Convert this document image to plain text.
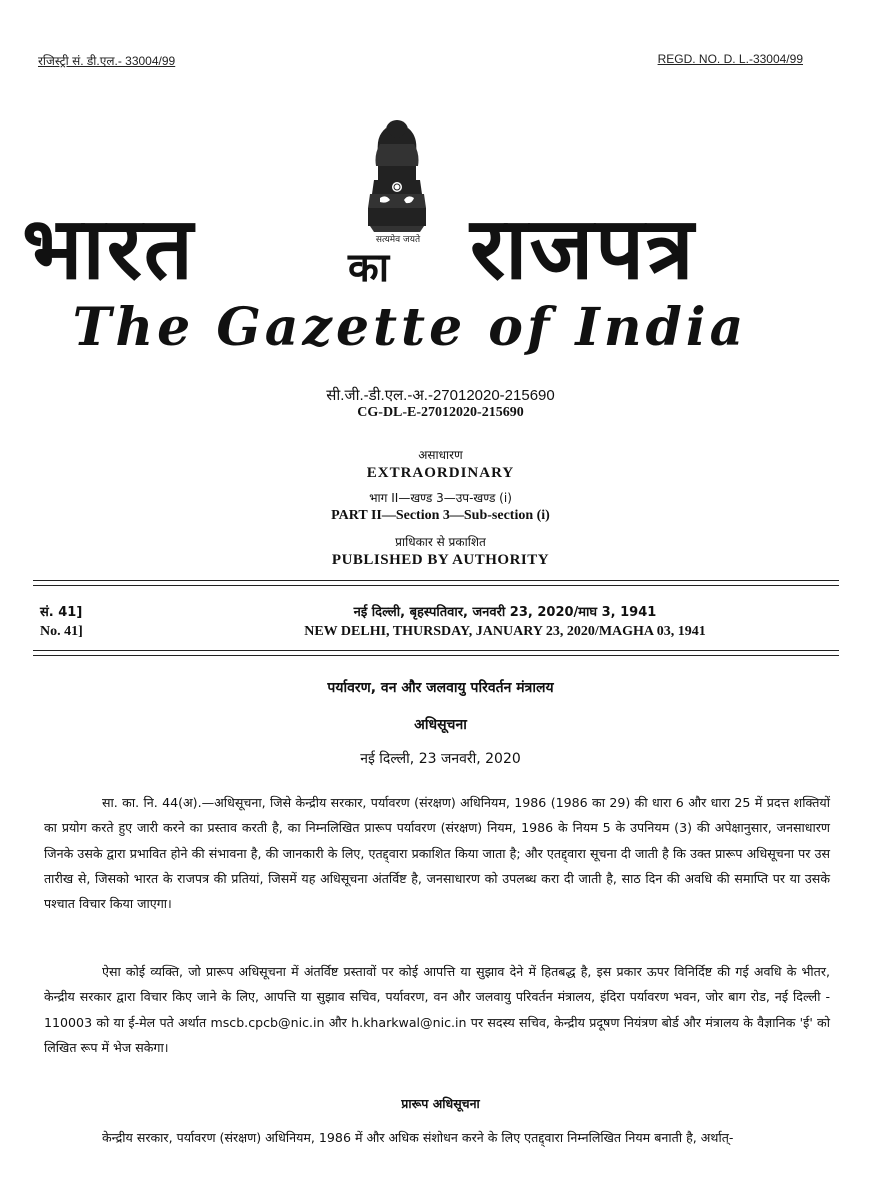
रजिस्ट्री सं. डी.एल.- 33004/99	REGD. NO. D. L.-33004/99
सत्यमेव जयते
भारत	का राजपत्र
The Gazette of India
सी.जी.-डी.एल.-अ.-27012020-215690
CG-DL-E-27012020-215690
असाधारण
EXTRAORDINARY
भाग II—खण्ड 3—उप-खण्ड (i)
PART II—Section 3—Sub-section (i)
प्राधिकार से प्रकाशित
PUBLISHED BY AUTHORITY
सं. 41]
No. 41]
नई दिल्ली, बृहस्पतिवार, जनवरी 23, 2020/माघ 3, 1941
NEW DELHI, THURSDAY, JANUARY 23, 2020/MAGHA 03, 1941
पर्यावरण, वन और जलवायु परिवर्तन मंत्रालय
अधिसूचना
नई दिल्ली, 23 जनवरी, 2020

सा. का. नि. 44(अ).—अधिसूचना, जिसे केन्द्रीय सरकार, पर्यावरण (संरक्षण) अधिनियम, 1986 (1986 का 29) की धारा 6 और धारा 25 में प्रदत्त शक्तियों का प्रयोग करते हुए जारी करने का प्रस्ताव करती है, का निम्नलिखित प्रारूप पर्यावरण (संरक्षण) नियम, 1986 के नियम 5 के उपनियम (3) की अपेक्षानुसार, जनसाधारण जिनके उसके द्वारा प्रभावित होने की संभावना है, की जानकारी के लिए, एतद्द्वारा प्रकाशित किया जाता है; और एतद्द्वारा सूचना दी जाती है कि उक्त प्रारूप अधिसूचना पर उस तारीख से, जिसको भारत के राजपत्र की प्रतियां, जिसमें यह अधिसूचना अंतर्विष्ट है, जनसाधारण को उपलब्ध करा दी जाती है, साठ दिन की अवधि की समाप्ति पर या उसके पश्चात विचार किया जाएगा।

ऐसा कोई व्यक्ति, जो प्रारूप अधिसूचना में अंतर्विष्ट प्रस्तावों पर कोई आपत्ति या सुझाव देने में हितबद्ध है, इस प्रकार ऊपर विनिर्दिष्ट की गई अवधि के भीतर, केन्द्रीय सरकार द्वारा विचार किए जाने के लिए, आपत्ति या सुझाव सचिव, पर्यावरण, वन और जलवायु परिवर्तन मंत्रालय, इंदिरा पर्यावरण भवन, जोर बाग रोड, नई दिल्ली - 110003 को या ई-मेल पते अर्थात mscb.cpcb@nic.in और h.kharkwal@nic.in पर सदस्य सचिव, केन्द्रीय प्रदूषण नियंत्रण बोर्ड और मंत्रालय के वैज्ञानिक 'ई' को लिखित रूप में भेज सकेगा।

प्रारूप अधिसूचना

केन्द्रीय सरकार, पर्यावरण (संरक्षण) अधिनियम, 1986 में और अधिक संशोधन करने के लिए एतद्द्वारा निम्नलिखित नियम बनाती है, अर्थात्-
